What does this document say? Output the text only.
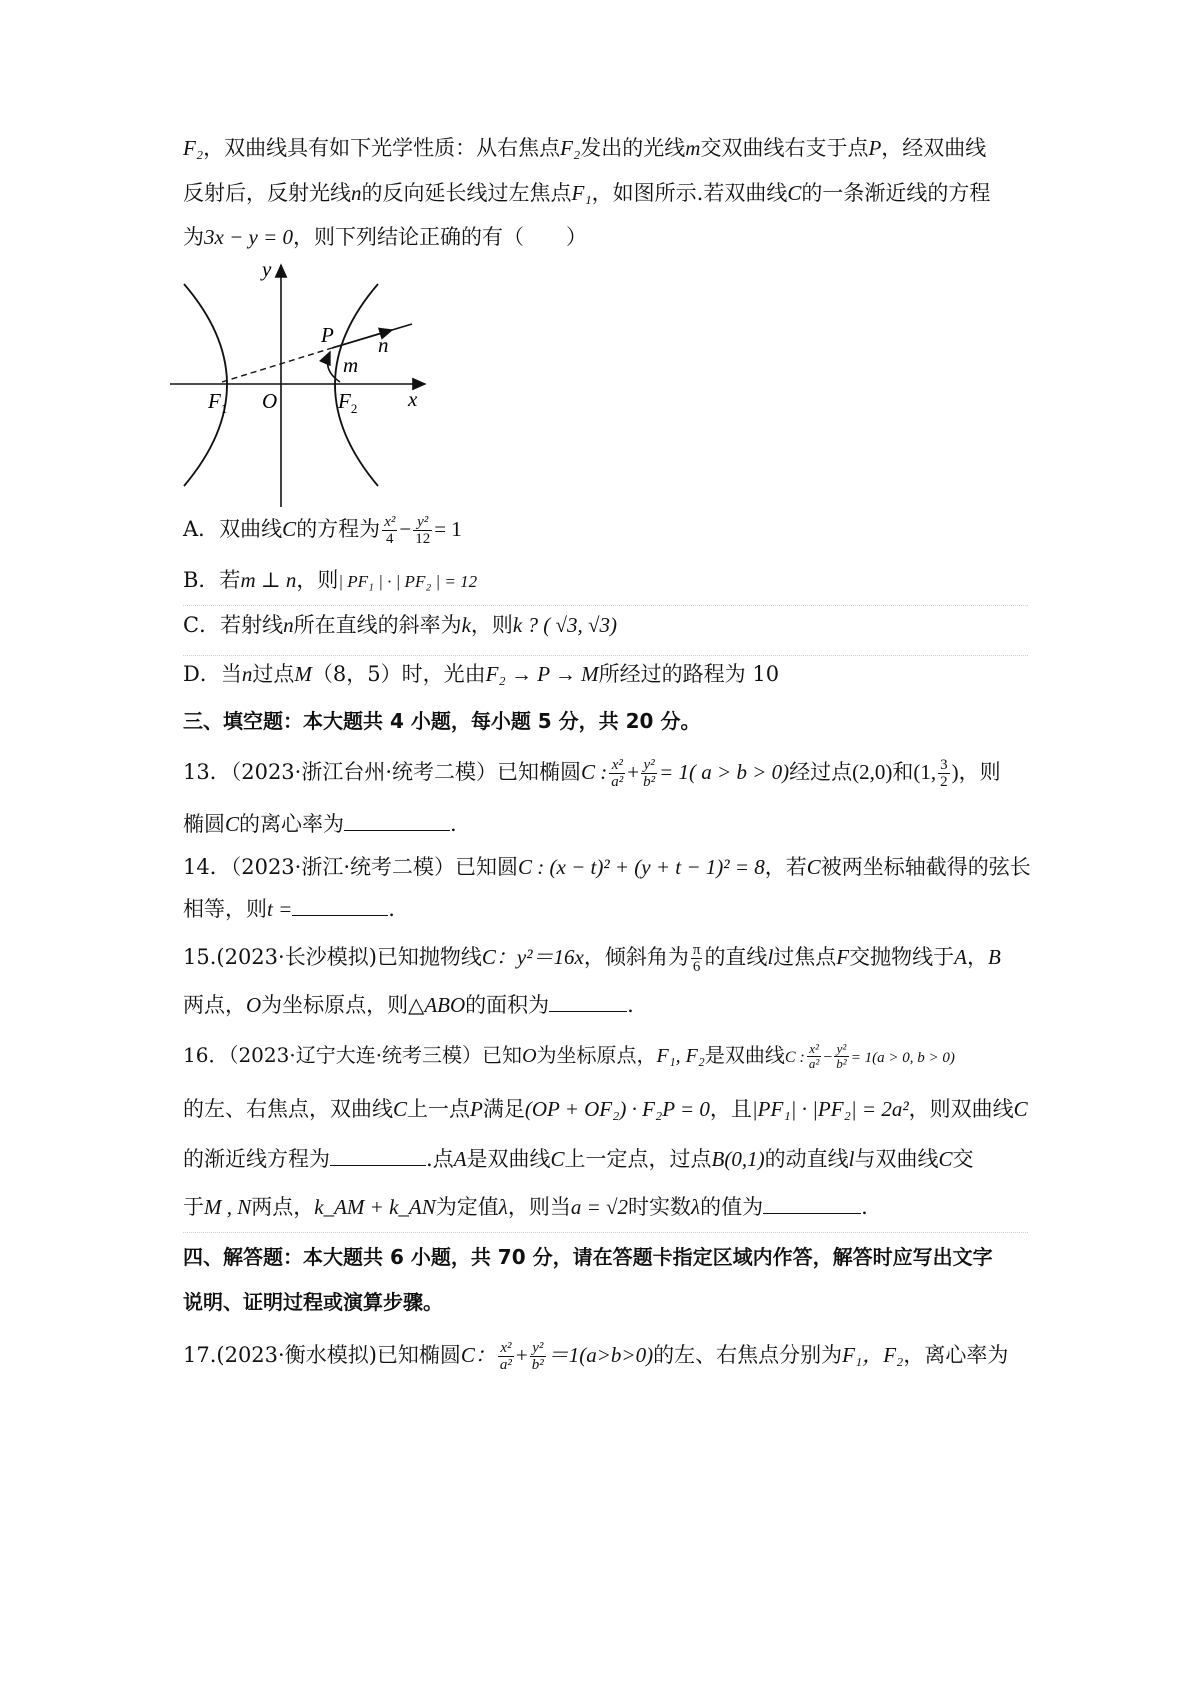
F₂，双曲线具有如下光学性质：从右焦点F₂发出的光线m交双曲线右支于点P，经双曲线
反射后，反射光线n的反向延长线过左焦点F₁，如图所示.若双曲线C的一条渐近线的方程
为3x − y = 0，则下列结论正确的有（　　）
y
x
O
$F_1$	$F_2$
P
m
n
A．双曲线C的方程为 $\frac{\text{x²}}{4} - \frac{\text{y²}}{12} = 1$
B．若m ⊥ n，则| PF₁ | · | PF₂ | = 12
C．若射线n所在直线的斜率为k，则k ? ( √3, √3)
D．当n过点M（8，5）时，光由F₂ → P → M所经过的路程为 10
三、填空题：本大题共 4 小题，每小题 5 分，共 20 分。
13．（2023·浙江台州·统考二模）已知椭圆C : $\frac{\text{x²}}{\text{a²}} + \frac{\text{y²}}{\text{b²}} = 1$( a > b > 0)经过点(2,0)和(1, $\frac{3}{2}$ )，则
椭圆C的离心率为	.
14．（2023·浙江·统考二模）已知圆C : (x − t)² + (y + t − 1)² = 8，若C被两坐标轴截得的弦长
相等，则t =	.
15.(2023·长沙模拟)已知抛物线C：y²＝16x，倾斜角为 $\frac{\pi}{6}$ 的直线l过焦点F交抛物线于A，B
两点，O为坐标原点，则△ABO的面积为	.
16．（2023·辽宁大连·统考三模）已知O为坐标原点，F₁, F₂是双曲线C : $\frac{\text{x²}}{\text{a²}} - \frac{\text{y²}}{\text{b²}} = 1(a > 0$, b > 0)
的左、右焦点，双曲线C上一点P满足(OP + OF₂) · F₂P = 0，且|PF₁| · |PF₂| = 2a²，则双曲线C
的渐近线方程为	.点A是双曲线C上一定点，过点B(0,1)的动直线l与双曲线C交
于M , N两点，k_AM + k_AN为定值λ，则当a = √2时实数λ的值为	.
四、解答题：本大题共 6 小题，共 70 分，请在答题卡指定区域内作答，解答时应写出文字
说明、证明过程或演算步骤。
17.(2023·衡水模拟)已知椭圆C： $\frac{\text{x²}}{\text{a²}} + \frac{\text{y²}}{\text{b²}} =1(a>b>0)$的左、右焦点分别为F₁，F₂，离心率为
